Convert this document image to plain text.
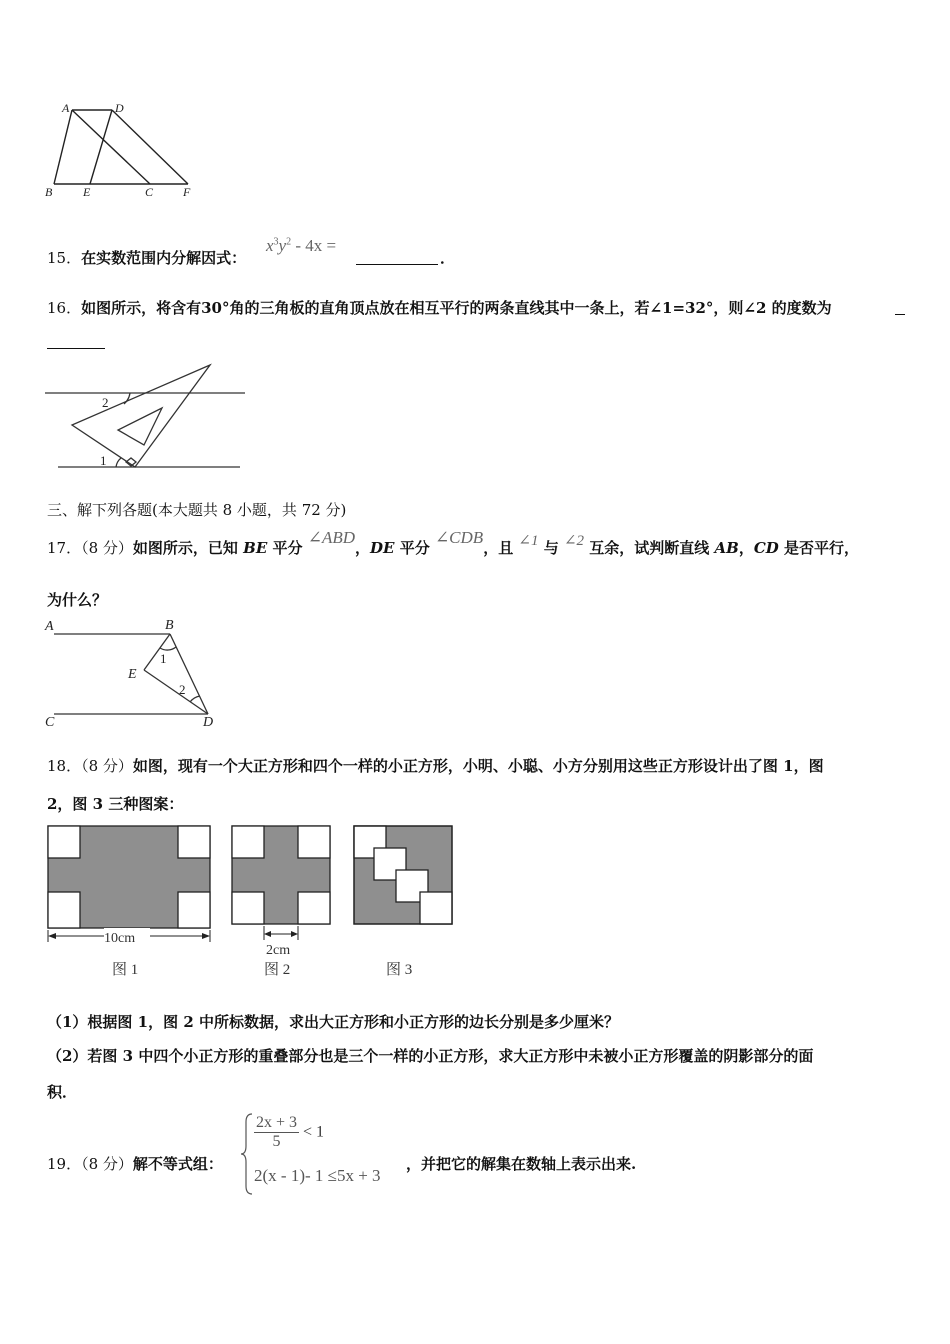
A	D
B	E	C F
15．在实数范围内分解因式：
$x^3y^2 - 4x$ =
．
16．如图所示，将含有30°角的三角板的直角顶点放在相互平行的两条直线其中一条上，若∠1=32°，则∠2 的度数为
2
1
三、解下列各题(本大题共 8 小题，共 72 分)
17．（8 分）如图所示，已知 BE 平分 ∠ABD，DE 平分 ∠CDB，且 ∠1 与 ∠2 互余，试判断直线 AB，CD 是否平行，
为什么？
A	B
E
1
2
C	D
18．（8 分）如图，现有一个大正方形和四个一样的小正方形，小明、小聪、小方分别用这些正方形设计出了图 1，图
2，图 3 三种图案：
10cm
图 1
2cm
图 2	图 3
（1）根据图 1，图 2 中所标数据，求出大正方形和小正方形的边长分别是多少厘米？
（2）若图 3 中四个小正方形的重叠部分也是三个一样的小正方形，求大正方形中未被小正方形覆盖的阴影部分的面
积．
19．（8 分）解不等式组：
$\frac{2x + 3}{5} < 1$
2(x - 1)- 1 ≤5x + 3
，并把它的解集在数轴上表示出来.
